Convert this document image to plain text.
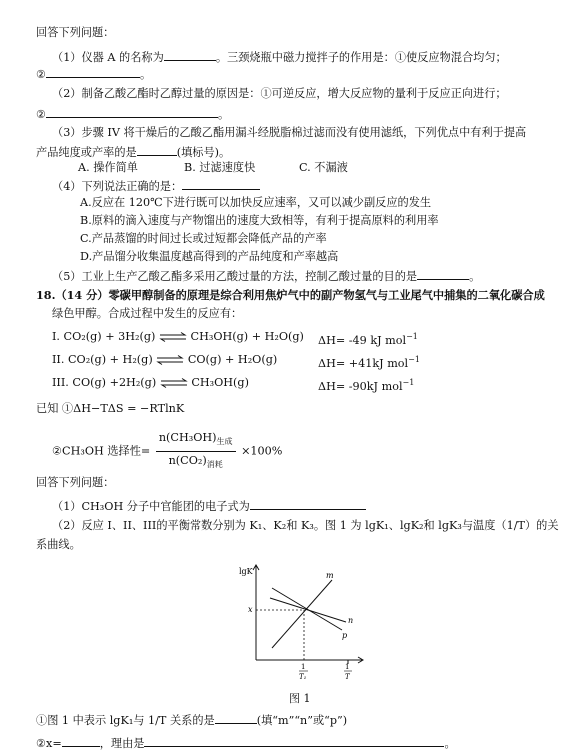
回答下列问题：
（1）仪器 A 的名称为	。三颈烧瓶中磁力搅拌子的作用是：①使反应物混合均匀；
②	。
（2）制备乙酸乙酯时乙醇过量的原因是：①可逆反应，增大反应物的量利于反应正向进行；
②	。
（3）步骤 IV 将干燥后的乙酸乙酯用漏斗经脱脂棉过滤而没有使用滤纸，下列优点中有利于提高
产品纯度或产率的是	(填标号)。
A. 操作简单	B. 过滤速度快	C. 不漏液
（4）下列说法正确的是：
A.反应在 120℃下进行既可以加快反应速率，又可以减少副反应的发生
B.原料的滴入速度与产物馏出的速度大致相等，有利于提高原料的利用率
C.产品蒸馏的时间过长或过短都会降低产品的产率
D.产品馏分收集温度越高得到的产品纯度和产率越高
（5）工业上生产乙酸乙酯多采用乙酸过量的方法，控制乙酸过量的目的是	。
18.（14 分）零碳甲醇制备的原理是综合利用焦炉气中的副产物氢气与工业尾气中捕集的二氧化碳合成
绿色甲醇。合成过程中发生的反应有：
I. CO₂(g) + 3H₂(g) ⇌ CH₃OH(g) + H₂O(g) ΔH= -49 kJ mol$^{-1}$
II. CO₂(g) + H₂(g) ⇌ CO(g) + H₂O(g)	ΔH= +41kJ mol$^{-1}$
III. CO(g) +2H₂(g) ⇌ CH₃OH(g)	ΔH= -90kJ mol$^{-1}$
已知 ①ΔH−TΔS = −RTlnK
②CH₃OH 选择性= $\frac{n(CH_3OH)_{生成}}{n(CO_2)_{消耗}} \times 100\%$
回答下列问题：
（1）CH₃OH 分子中官能团的电子式为
（2）反应 I、II、III的平衡常数分别为 K₁、K₂和 K₃。图 1 为 lgK₁、lgK₂和 lgK₃与温度（1/T）的关
系曲线。
lgK
x
m
n
p
1
T₁
1
T
图 1
①图 1 中表示 lgK₁与 1/T 关系的是	(填“m”“n”或“p”)
②x=	，理由是	。
